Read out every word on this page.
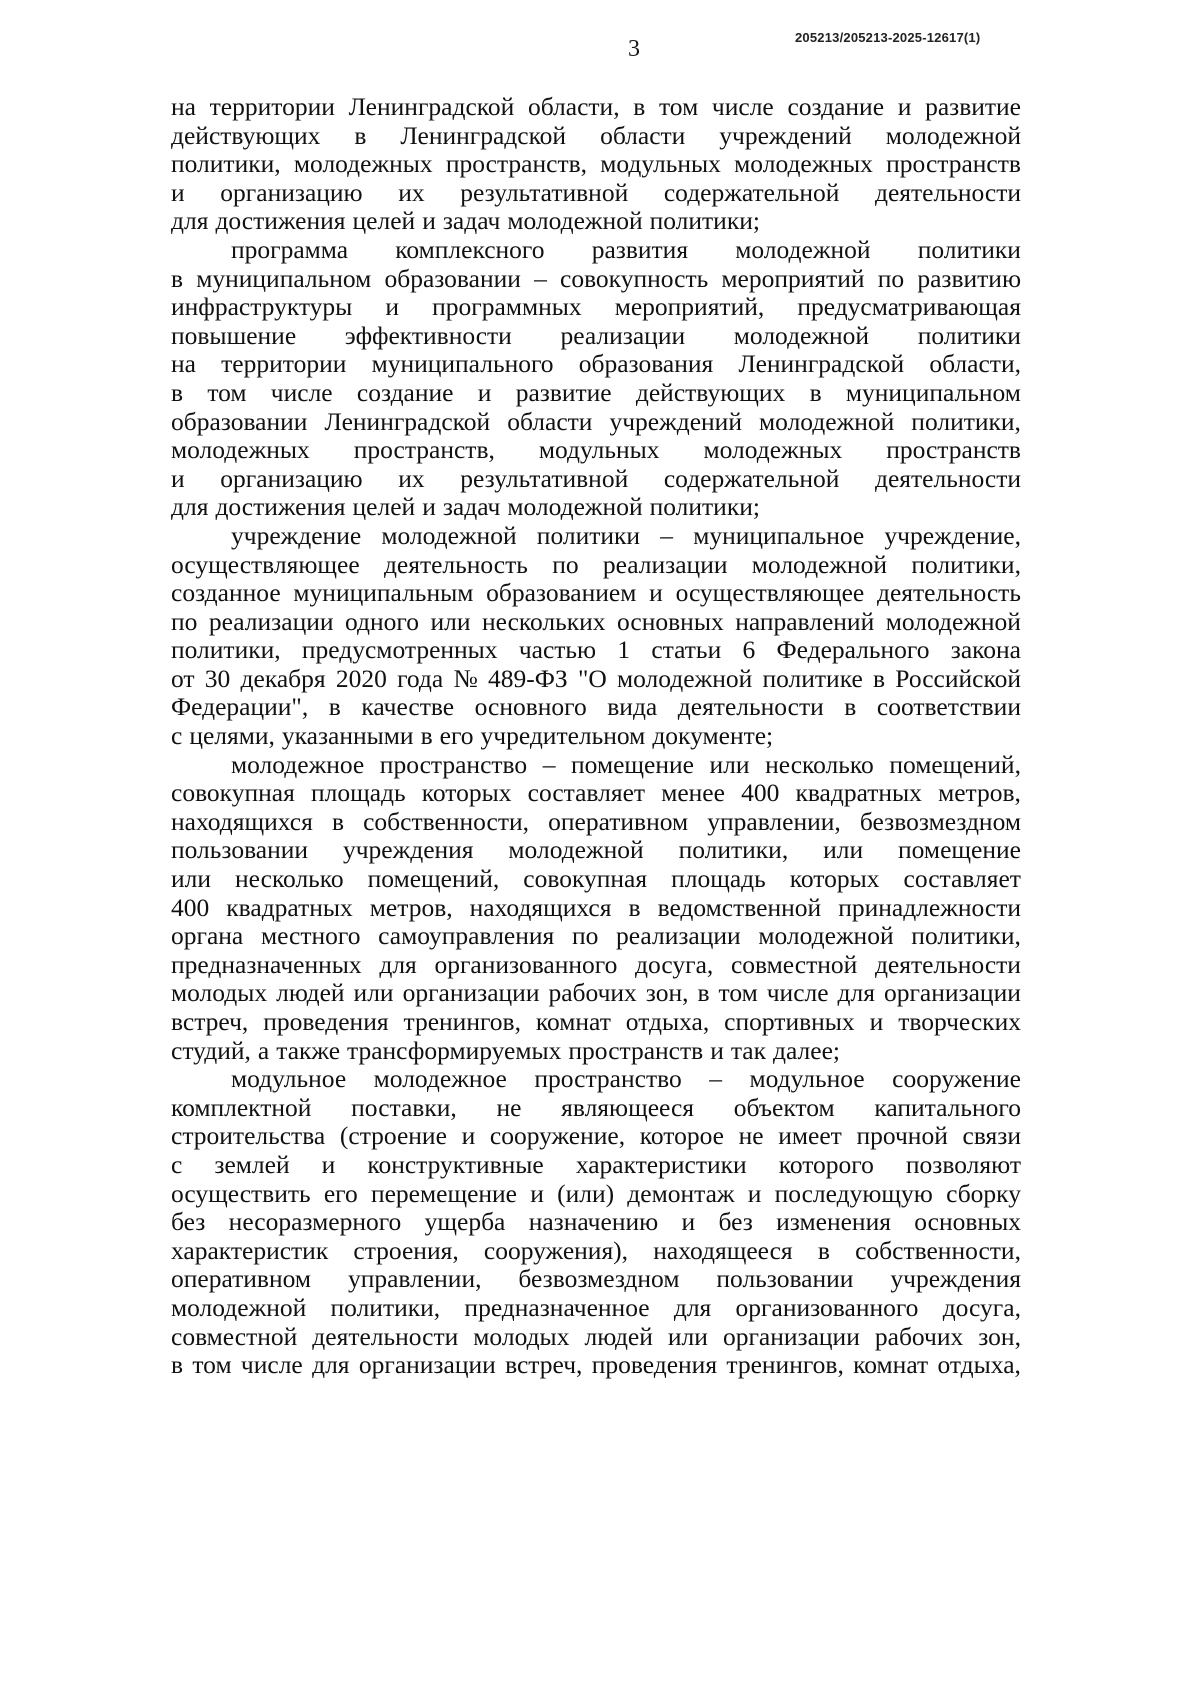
3	205213/205213-2025-12617(1)
на территории Ленинградской области, в том числе создание и развитие
действующих в Ленинградской области учреждений молодежной
политики, молодежных пространств, модульных молодежных пространств
и организацию их результативной содержательной деятельности
для достижения целей и задач молодежной политики;
программа комплексного развития молодежной политики
в муниципальном образовании – совокупность мероприятий по развитию
инфраструктуры и программных мероприятий, предусматривающая
повышение эффективности реализации молодежной политики
на территории муниципального образования Ленинградской области,
в том числе создание и развитие действующих в муниципальном
образовании Ленинградской области учреждений молодежной политики,
молодежных пространств, модульных молодежных пространств
и организацию их результативной содержательной деятельности
для достижения целей и задач молодежной политики;
учреждение молодежной политики – муниципальное учреждение,
осуществляющее деятельность по реализации молодежной политики,
созданное муниципальным образованием и осуществляющее деятельность
по реализации одного или нескольких основных направлений молодежной
политики, предусмотренных частью 1 статьи 6 Федерального закона
от 30 декабря 2020 года № 489-ФЗ "О молодежной политике в Российской
Федерации", в качестве основного вида деятельности в соответствии
с целями, указанными в его учредительном документе;
молодежное пространство – помещение или несколько помещений,
совокупная площадь которых составляет менее 400 квадратных метров,
находящихся в собственности, оперативном управлении, безвозмездном
пользовании учреждения молодежной политики, или помещение
или несколько помещений, совокупная площадь которых составляет
400 квадратных метров, находящихся в ведомственной принадлежности
органа местного самоуправления по реализации молодежной политики,
предназначенных для организованного досуга, совместной деятельности
молодых людей или организации рабочих зон, в том числе для организации
встреч, проведения тренингов, комнат отдыха, спортивных и творческих
студий, а также трансформируемых пространств и так далее;
модульное молодежное пространство – модульное сооружение
комплектной поставки, не являющееся объектом капитального
строительства (строение и сооружение, которое не имеет прочной связи
с землей и конструктивные характеристики которого позволяют
осуществить его перемещение и (или) демонтаж и последующую сборку
без несоразмерного ущерба назначению и без изменения основных
характеристик строения, сооружения), находящееся в собственности,
оперативном управлении, безвозмездном пользовании учреждения
молодежной политики, предназначенное для организованного досуга,
совместной деятельности молодых людей или организации рабочих зон,
в том числе для организации встреч, проведения тренингов, комнат отдыха,
